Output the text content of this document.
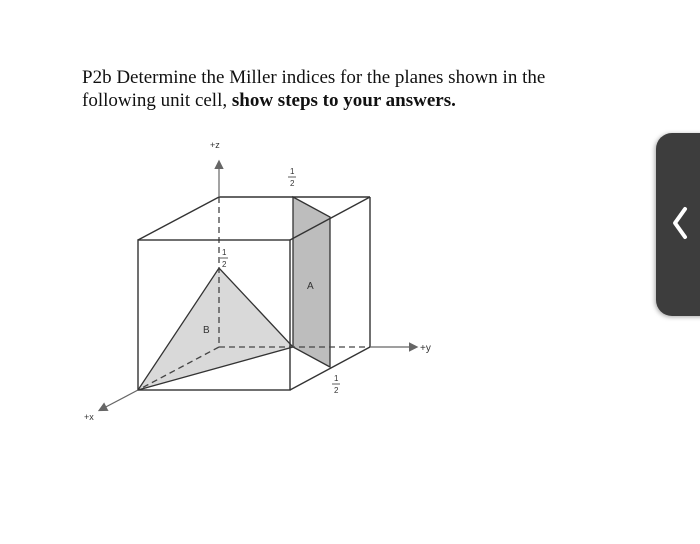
P2b Determine the Miller indices for the planes shown in the following unit cell, show steps to your answers.

+z
+y
+x
A
B
1
2
1
2
1
2
